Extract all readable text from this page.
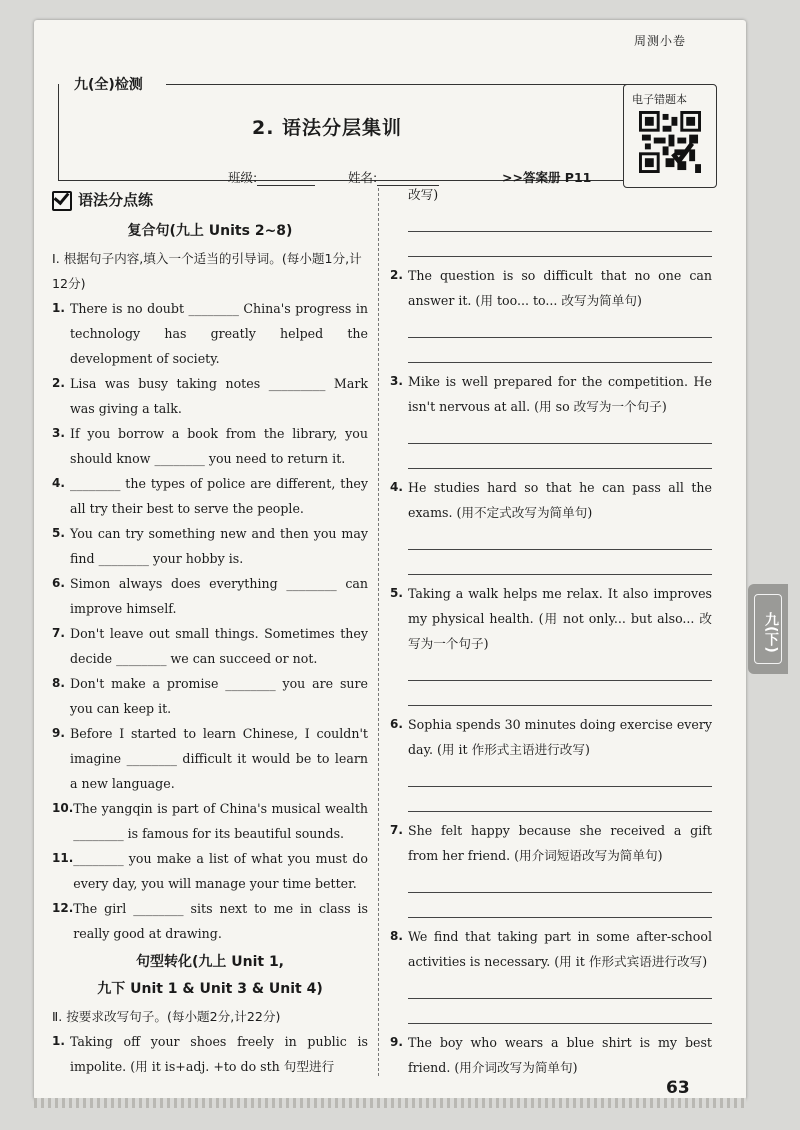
周测小卷
九(全)检测
2. 语法分层集训
班级:	姓名:	>>答案册 P11
电子错题本
语法分点练
复合句(九上 Units 2~8)
Ⅰ. 根据句子内容,填入一个适当的引导词。(每小题1分,计12分)
1. There is no doubt ________ China's progress in technology has greatly helped the development of society.
2. Lisa was busy taking notes _________ Mark was giving a talk.
3. If you borrow a book from the library, you should know ________ you need to return it.
4. ________ the types of police are different, they all try their best to serve the people.
5. You can try something new and then you may find ________ your hobby is.
6. Simon always does everything ________ can improve himself.
7. Don't leave out small things. Sometimes they decide ________ we can succeed or not.
8. Don't make a promise ________ you are sure you can keep it.
9. Before I started to learn Chinese, I couldn't imagine ________ difficult it would be to learn a new language.
10. The yangqin is part of China's musical wealth ________ is famous for its beautiful sounds.
11. ________ you make a list of what you must do every day, you will manage your time better.
12. The girl ________ sits next to me in class is really good at drawing.
句型转化(九上 Unit 1,
九下 Unit 1 & Unit 3 & Unit 4)
Ⅱ. 按要求改写句子。(每小题2分,计22分)
1. Taking off your shoes freely in public is impolite. (用 it is+adj. +to do sth 句型进行
改写)
2. The question is so difficult that no one can answer it. (用 too... to... 改写为简单句)
3. Mike is well prepared for the competition. He isn't nervous at all. (用 so 改写为一个句子)
4. He studies hard so that he can pass all the exams. (用不定式改写为简单句)
5. Taking a walk helps me relax. It also improves my physical health. (用 not only... but also... 改写为一个句子)
6. Sophia spends 30 minutes doing exercise every day. (用 it 作形式主语进行改写)
7. She felt happy because she received a gift from her friend. (用介词短语改写为简单句)
8. We find that taking part in some after-school activities is necessary. (用 it 作形式宾语进行改写)
9. The boy who wears a blue shirt is my best friend. (用介词改写为简单句)
63
九(下)
